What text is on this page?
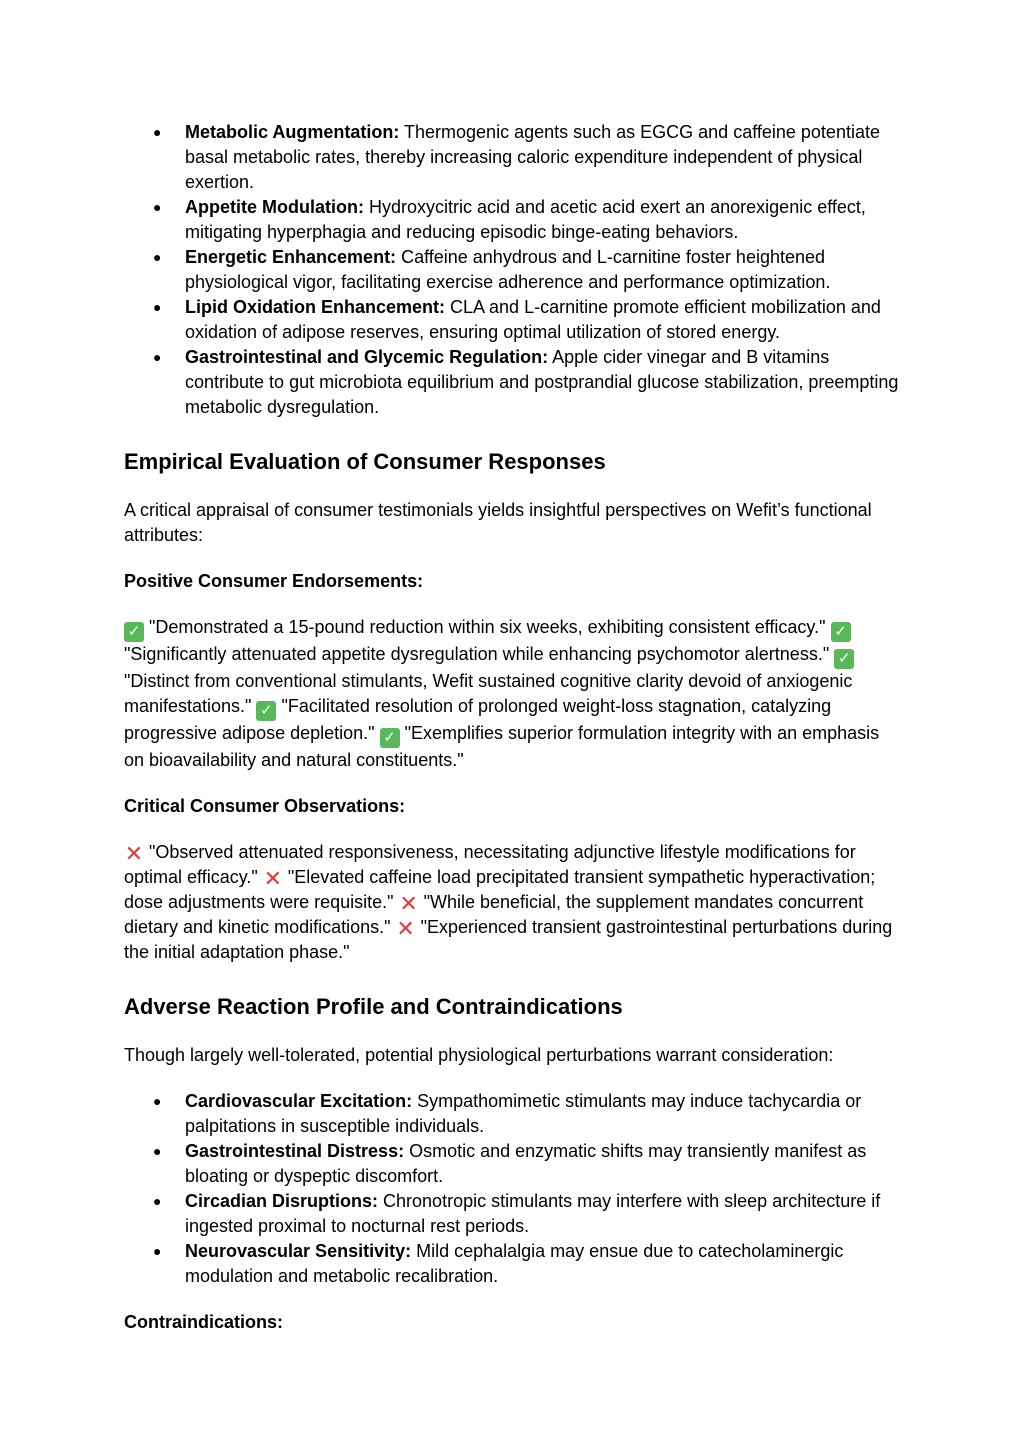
● Metabolic Augmentation: Thermogenic agents such as EGCG and caffeine potentiate basal metabolic rates, thereby increasing caloric expenditure independent of physical exertion.
● Appetite Modulation: Hydroxycitric acid and acetic acid exert an anorexigenic effect, mitigating hyperphagia and reducing episodic binge-eating behaviors.
● Energetic Enhancement: Caffeine anhydrous and L-carnitine foster heightened physiological vigor, facilitating exercise adherence and performance optimization.
● Lipid Oxidation Enhancement: CLA and L-carnitine promote efficient mobilization and oxidation of adipose reserves, ensuring optimal utilization of stored energy.
● Gastrointestinal and Glycemic Regulation: Apple cider vinegar and B vitamins contribute to gut microbiota equilibrium and postprandial glucose stabilization, preempting metabolic dysregulation.
Empirical Evaluation of Consumer Responses

A critical appraisal of consumer testimonials yields insightful perspectives on Wefit’s functional attributes:

Positive Consumer Endorsements:

✓ "Demonstrated a 15-pound reduction within six weeks, exhibiting consistent efficacy." ✓ "Significantly attenuated appetite dysregulation while enhancing psychomotor alertness." ✓ "Distinct from conventional stimulants, Wefit sustained cognitive clarity devoid of anxiogenic manifestations." ✓ "Facilitated resolution of prolonged weight-loss stagnation, catalyzing progressive adipose depletion." ✓ "Exemplifies superior formulation integrity with an emphasis on bioavailability and natural constituents."

Critical Consumer Observations:

✕ "Observed attenuated responsiveness, necessitating adjunctive lifestyle modifications for optimal efficacy." ✕ "Elevated caffeine load precipitated transient sympathetic hyperactivation; dose adjustments were requisite." ✕ "While beneficial, the supplement mandates concurrent dietary and kinetic modifications." ✕ "Experienced transient gastrointestinal perturbations during the initial adaptation phase."

Adverse Reaction Profile and Contraindications

Though largely well-tolerated, potential physiological perturbations warrant consideration:

● Cardiovascular Excitation: Sympathomimetic stimulants may induce tachycardia or palpitations in susceptible individuals.
● Gastrointestinal Distress: Osmotic and enzymatic shifts may transiently manifest as bloating or dyspeptic discomfort.
● Circadian Disruptions: Chronotropic stimulants may interfere with sleep architecture if ingested proximal to nocturnal rest periods.
● Neurovascular Sensitivity: Mild cephalalgia may ensue due to catecholaminergic modulation and metabolic recalibration.

Contraindications:
